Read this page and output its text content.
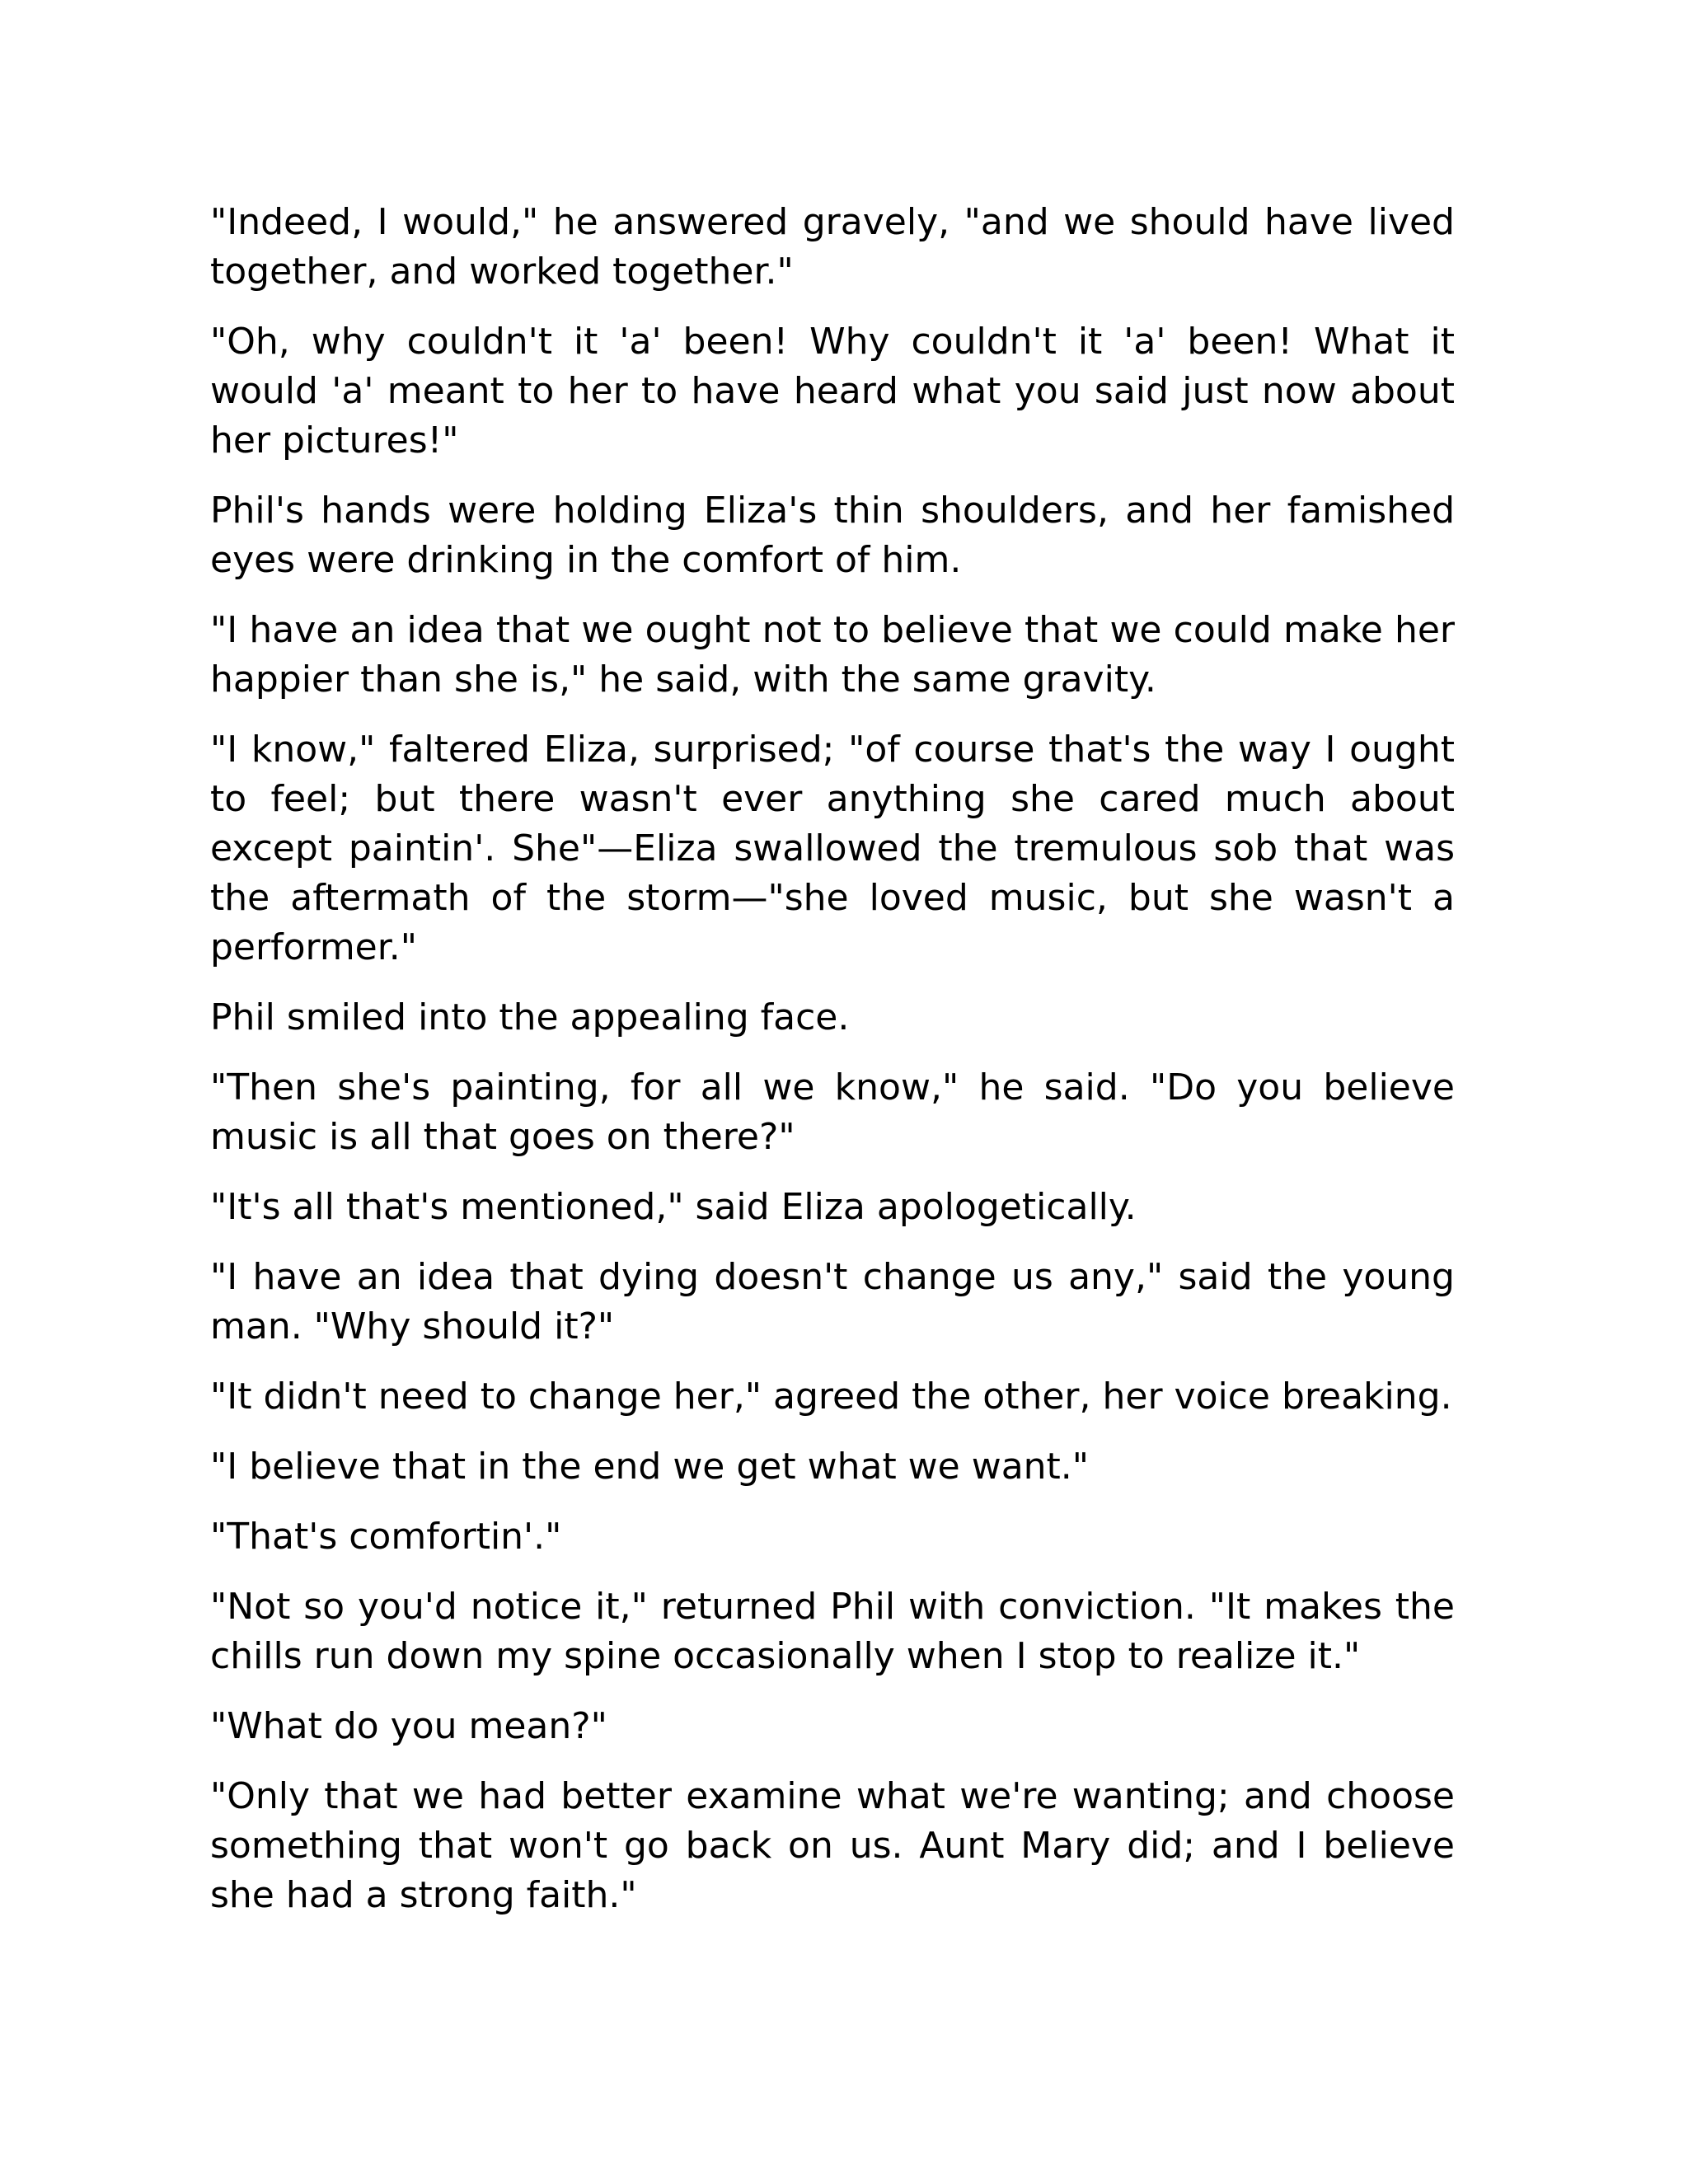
"Indeed, I would," he answered gravely, "and we should have lived together, and worked together."

"Oh, why couldn't it 'a' been! Why couldn't it 'a' been! What it would 'a' meant to her to have heard what you said just now about her pictures!"

Phil's hands were holding Eliza's thin shoulders, and her famished eyes were drinking in the comfort of him.

"I have an idea that we ought not to believe that we could make her happier than she is," he said, with the same gravity.

"I know," faltered Eliza, surprised; "of course that's the way I ought to feel; but there wasn't ever anything she cared much about except paintin'. She"—Eliza swallowed the tremulous sob that was the aftermath of the storm—"she loved music, but she wasn't a performer."

Phil smiled into the appealing face.

"Then she's painting, for all we know," he said. "Do you believe music is all that goes on there?"

"It's all that's mentioned," said Eliza apologetically.

"I have an idea that dying doesn't change us any," said the young man. "Why should it?"

"It didn't need to change her," agreed the other, her voice breaking.

"I believe that in the end we get what we want."

"That's comfortin'."

"Not so you'd notice it," returned Phil with conviction. "It makes the chills run down my spine occasionally when I stop to realize it."

"What do you mean?"

"Only that we had better examine what we're wanting; and choose something that won't go back on us. Aunt Mary did; and I believe she had a strong faith."
